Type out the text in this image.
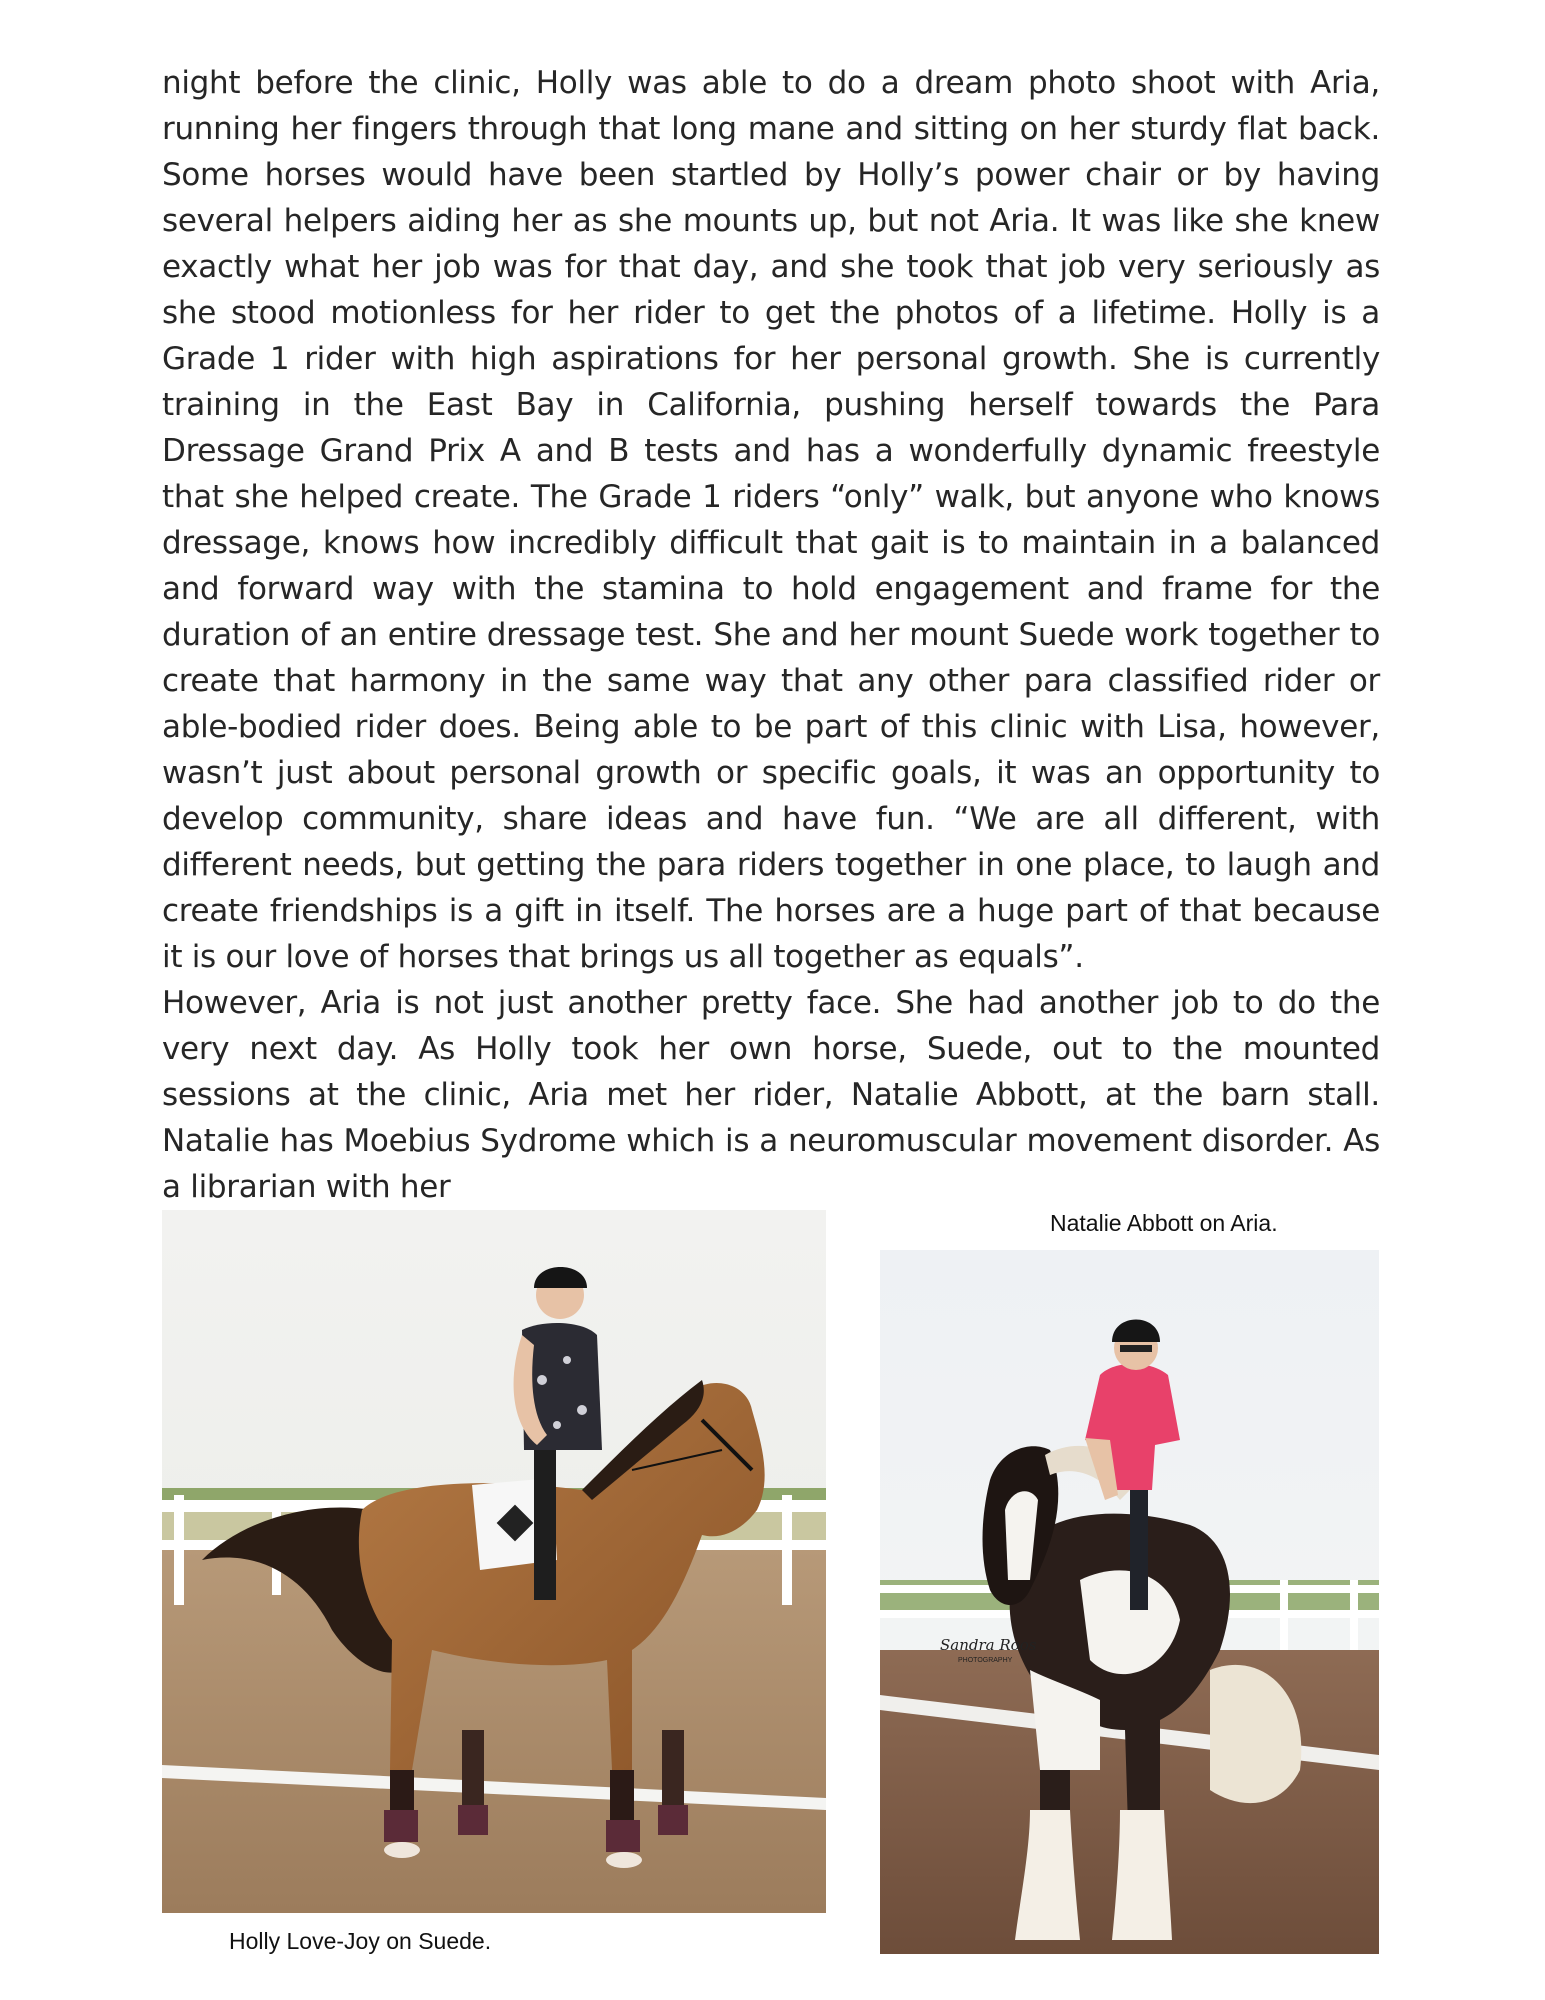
night before the clinic, Holly was able to do a dream photo shoot with Aria, running her fingers through that long mane and sitting on her sturdy flat back. Some horses would have been startled by Holly’s power chair or by having several helpers aiding her as she mounts up, but not Aria. It was like she knew exactly what her job was for that day, and she took that job very seriously as she stood motionless for her rider to get the photos of a lifetime. Holly is a Grade 1 rider with high aspirations for her personal growth. She is currently training in the East Bay in California, pushing herself towards the Para Dressage Grand Prix A and B tests and has a wonderfully dynamic freestyle that she helped create. The Grade 1 riders “only” walk, but anyone who knows dressage, knows how incredibly difficult that gait is to maintain in a balanced and forward way with the stamina to hold engagement and frame for the duration of an entire dressage test. She and her mount Suede work together to create that harmony in the same way that any other para classified rider or able-bodied rider does. Being able to be part of this clinic with Lisa, however, wasn’t just about personal growth or specific goals, it was an opportunity to develop community, share ideas and have fun. “We are all different, with different needs, but getting the para riders together in one place, to laugh and create friendships is a gift in itself. The horses are a huge part of that because it is our love of horses that brings us all together as equals”.

However, Aria is not just another pretty face. She had another job to do the very next day. As Holly took her own horse, Suede, out to the mounted sessions at the clinic, Aria met her rider, Natalie Abbott, at the barn stall. Natalie has Moebius Sydrome which is a neuromuscular movement disorder. As a librarian with her

Holly Love-Joy on Suede.

Natalie Abbott on Aria.

Sandra Roos
PHOTOGRAPHY
